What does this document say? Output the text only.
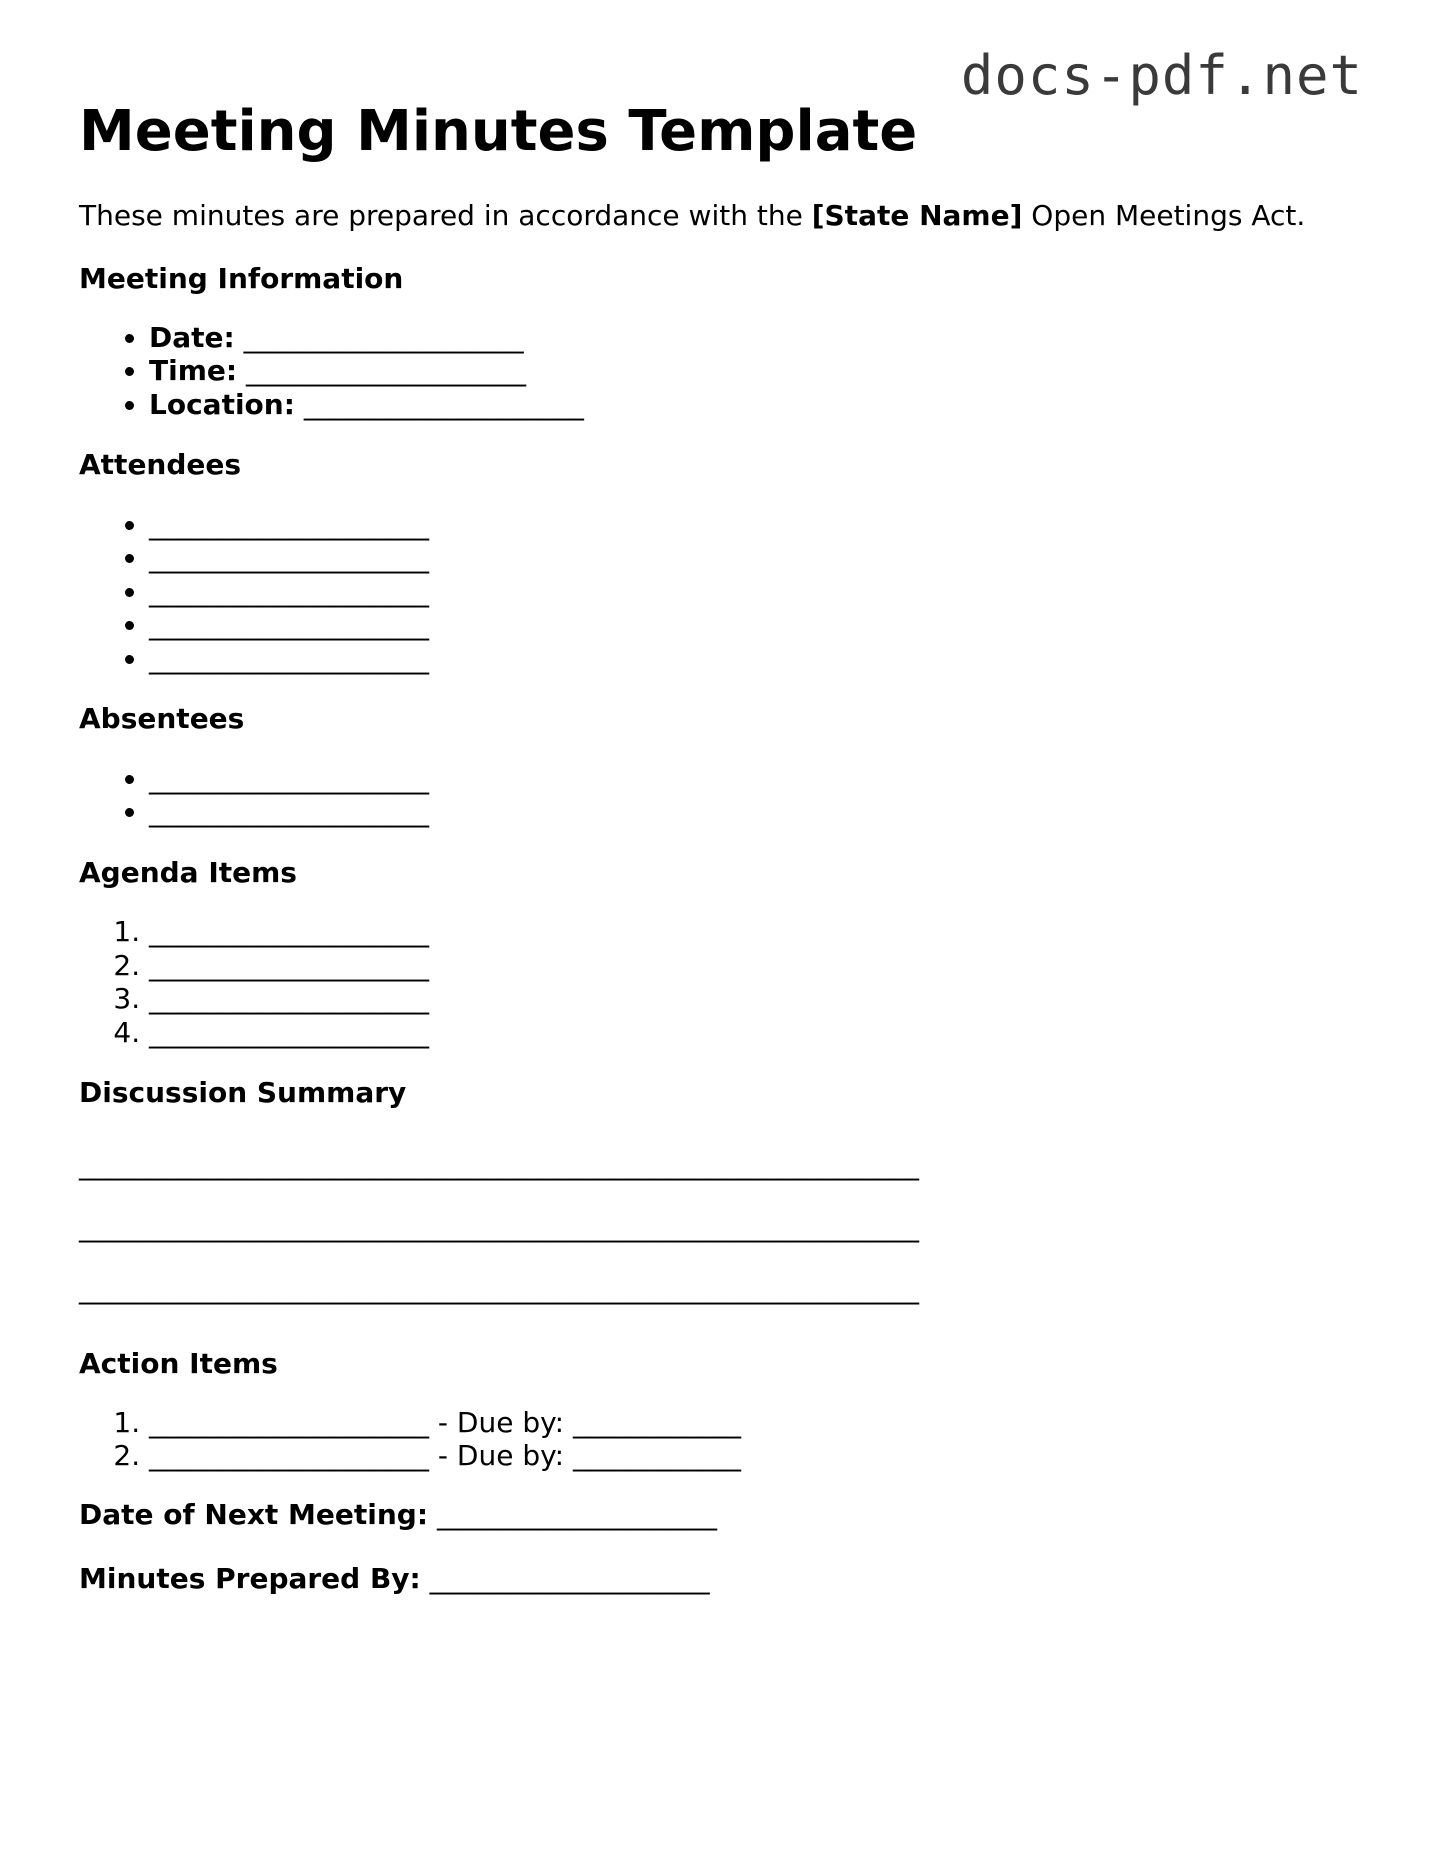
docs-pdf.net
Meeting Minutes Template

These minutes are prepared in accordance with the [State Name] Open Meetings Act.

Meeting Information
• Date: ____________________
• Time: ____________________
• Location: ____________________
Attendees
• ____________________
• ____________________
• ____________________
• ____________________
• ____________________
Absentees
• ____________________
• ____________________
Agenda Items
1. ____________________
2. ____________________
3. ____________________
4. ____________________
Discussion Summary
____________________________________________________________
____________________________________________________________
____________________________________________________________
Action Items
1. ____________________ - Due by: ____________
2. ____________________ - Due by: ____________

Date of Next Meeting: ____________________

Minutes Prepared By: ____________________
